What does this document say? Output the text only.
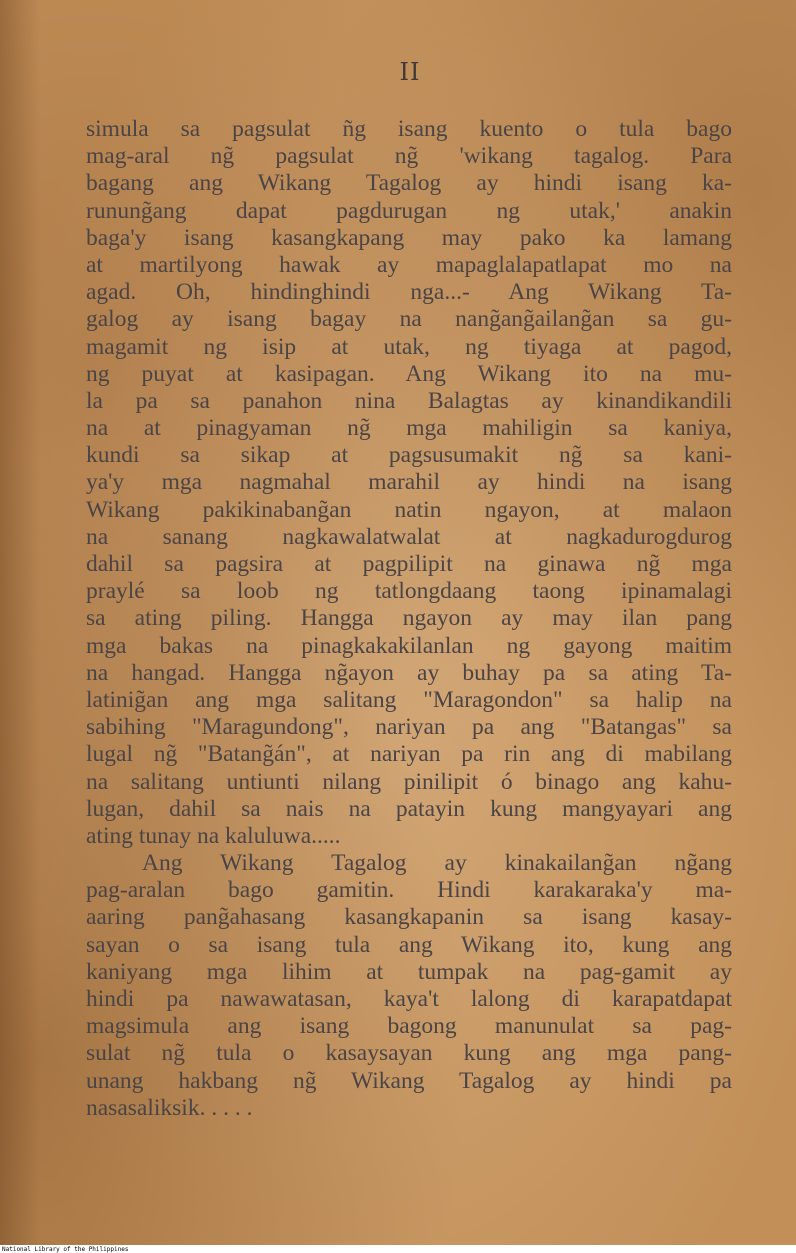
II
simula sa pagsulat ñg isang kuento o tula bago
mag-aral ng̃ pagsulat ng̃ 'wikang tagalog. Para
bagang ang Wikang Tagalog ay hindi isang ka-
runung̃ang dapat pagdurugan ng utak,' anakin
baga'y isang kasangkapang may pako ka lamang
at martilyong hawak ay mapaglalapatlapat mo na
agad. Oh, hindinghindi nga...- Ang Wikang Ta-
galog ay isang bagay na nang̃ang̃ailang̃an sa gu-
magamit ng isip at utak, ng tiyaga at pagod,
ng puyat at kasipagan. Ang Wikang ito na mu-
la pa sa panahon nina Balagtas ay kinandikandili
na at pinagyaman ng̃ mga mahiligin sa kaniya,
kundi sa sikap at pagsusumakit ng̃ sa kani-
ya'y mga nagmahal marahil ay hindi na isang
Wikang pakikinabang̃an natin ngayon, at malaon
na sanang nagkawalatwalat at nagkadurogdurog
dahil sa pagsira at pagpilipit na ginawa ng̃ mga
praylé sa loob ng tatlongdaang taong ipinamalagi
sa ating piling. Hangga ngayon ay may ilan pang
mga bakas na pinagkakakilanlan ng gayong maitim
na hangad. Hangga ng̃ayon ay buhay pa sa ating Ta-
latinig̃an ang mga salitang "Maragondon" sa halip na
sabihing "Maragundong", nariyan pa ang "Batangas" sa
lugal ng̃ "Batang̃án", at nariyan pa rin ang di mabilang
na salitang untiunti nilang pinilipit ó binago ang kahu-
lugan, dahil sa nais na patayin kung mangyayari ang
ating tunay na kaluluwa.....
Ang Wikang Tagalog ay kinakailang̃an ng̃ang
pag-aralan bago gamitin. Hindi karakaraka'y ma-
aaring pang̃ahasang kasangkapanin sa isang kasay-
sayan o sa isang tula ang Wikang ito, kung ang
kaniyang mga lihim at tumpak na pag-gamit ay
hindi pa nawawatasan, kaya't lalong di karapatdapat
magsimula ang isang bagong manunulat sa pag-
sulat ng̃ tula o kasaysayan kung ang mga pang-
unang hakbang ng̃ Wikang Tagalog ay hindi pa
nasasaliksik. . . . .
National Library of the Philippines
